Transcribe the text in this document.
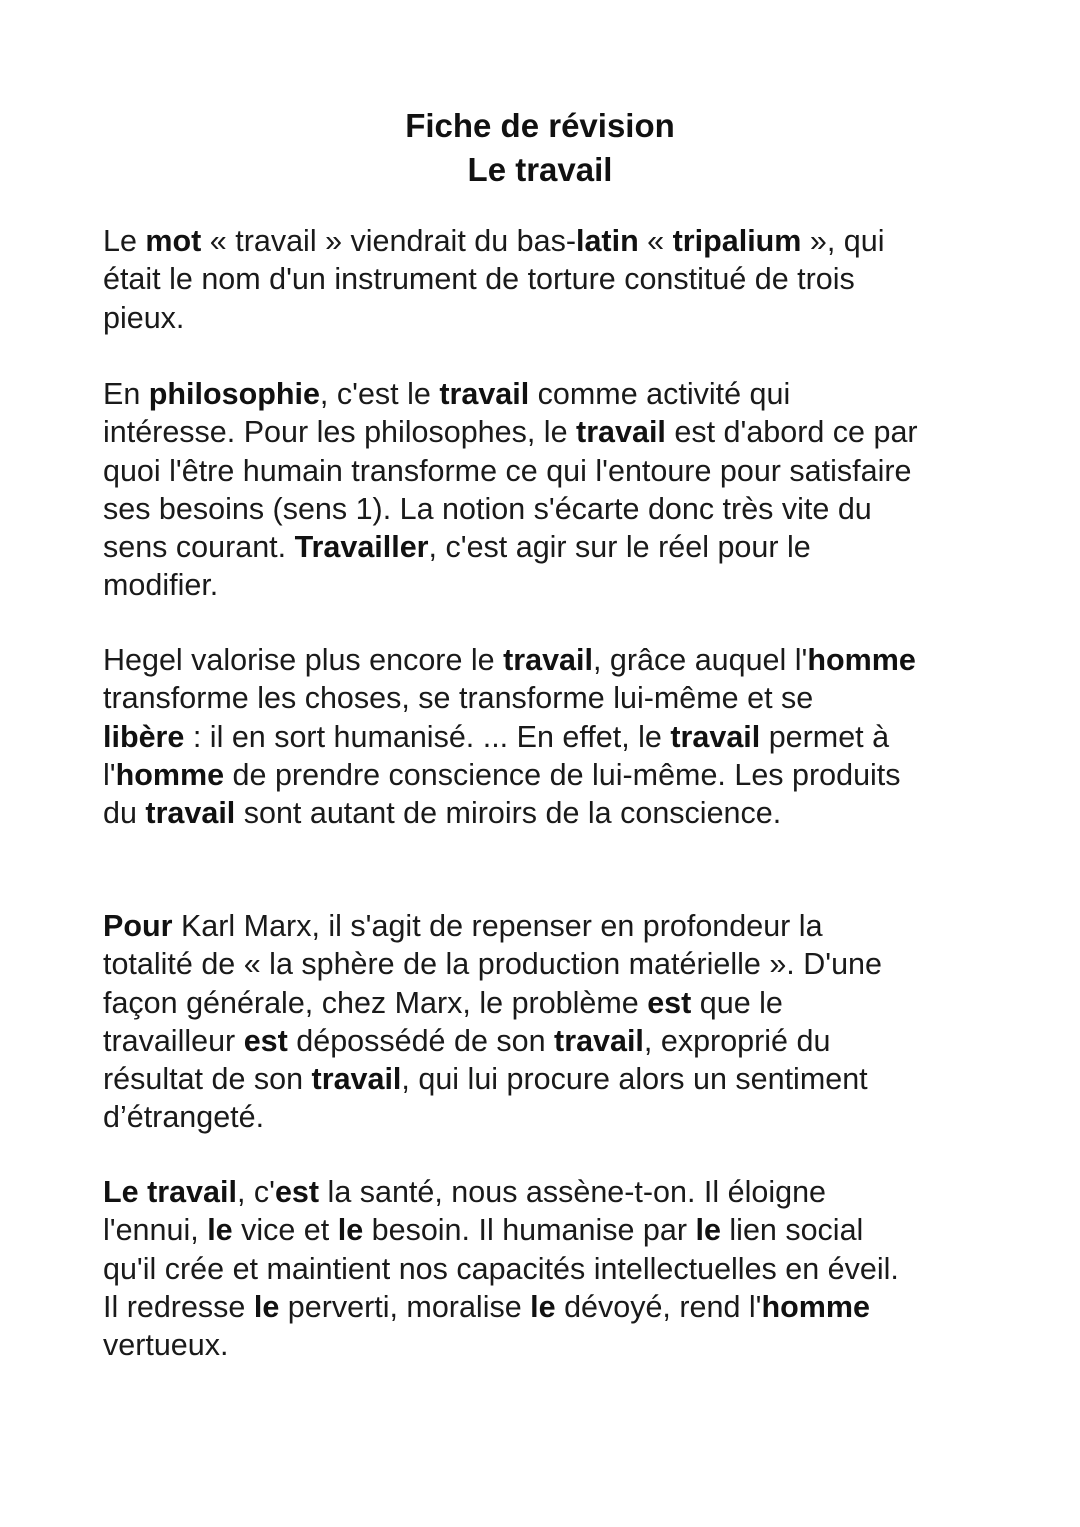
Fiche de révision
Le travail
Le mot « travail » viendrait du bas-latin « tripalium », qui
était le nom d'un instrument de torture constitué de trois
pieux.
En philosophie, c'est le travail comme activité qui
intéresse. Pour les philosophes, le travail est d'abord ce par
quoi l'être humain transforme ce qui l'entoure pour satisfaire
ses besoins (sens 1). La notion s'écarte donc très vite du
sens courant. Travailler, c'est agir sur le réel pour le
modifier.
Hegel valorise plus encore le travail, grâce auquel l'homme
transforme les choses, se transforme lui-même et se
libère : il en sort humanisé. ... En effet, le travail permet à
l'homme de prendre conscience de lui-même. Les produits
du travail sont autant de miroirs de la conscience.
Pour Karl Marx, il s'agit de repenser en profondeur la
totalité de « la sphère de la production matérielle ». D'une
façon générale, chez Marx, le problème est que le
travailleur est dépossédé de son travail, exproprié du
résultat de son travail, qui lui procure alors un sentiment
d’étrangeté.
Le travail, c'est la santé, nous assène-t-on. Il éloigne
l'ennui, le vice et le besoin. Il humanise par le lien social
qu'il crée et maintient nos capacités intellectuelles en éveil.
Il redresse le perverti, moralise le dévoyé, rend l'homme
vertueux.
